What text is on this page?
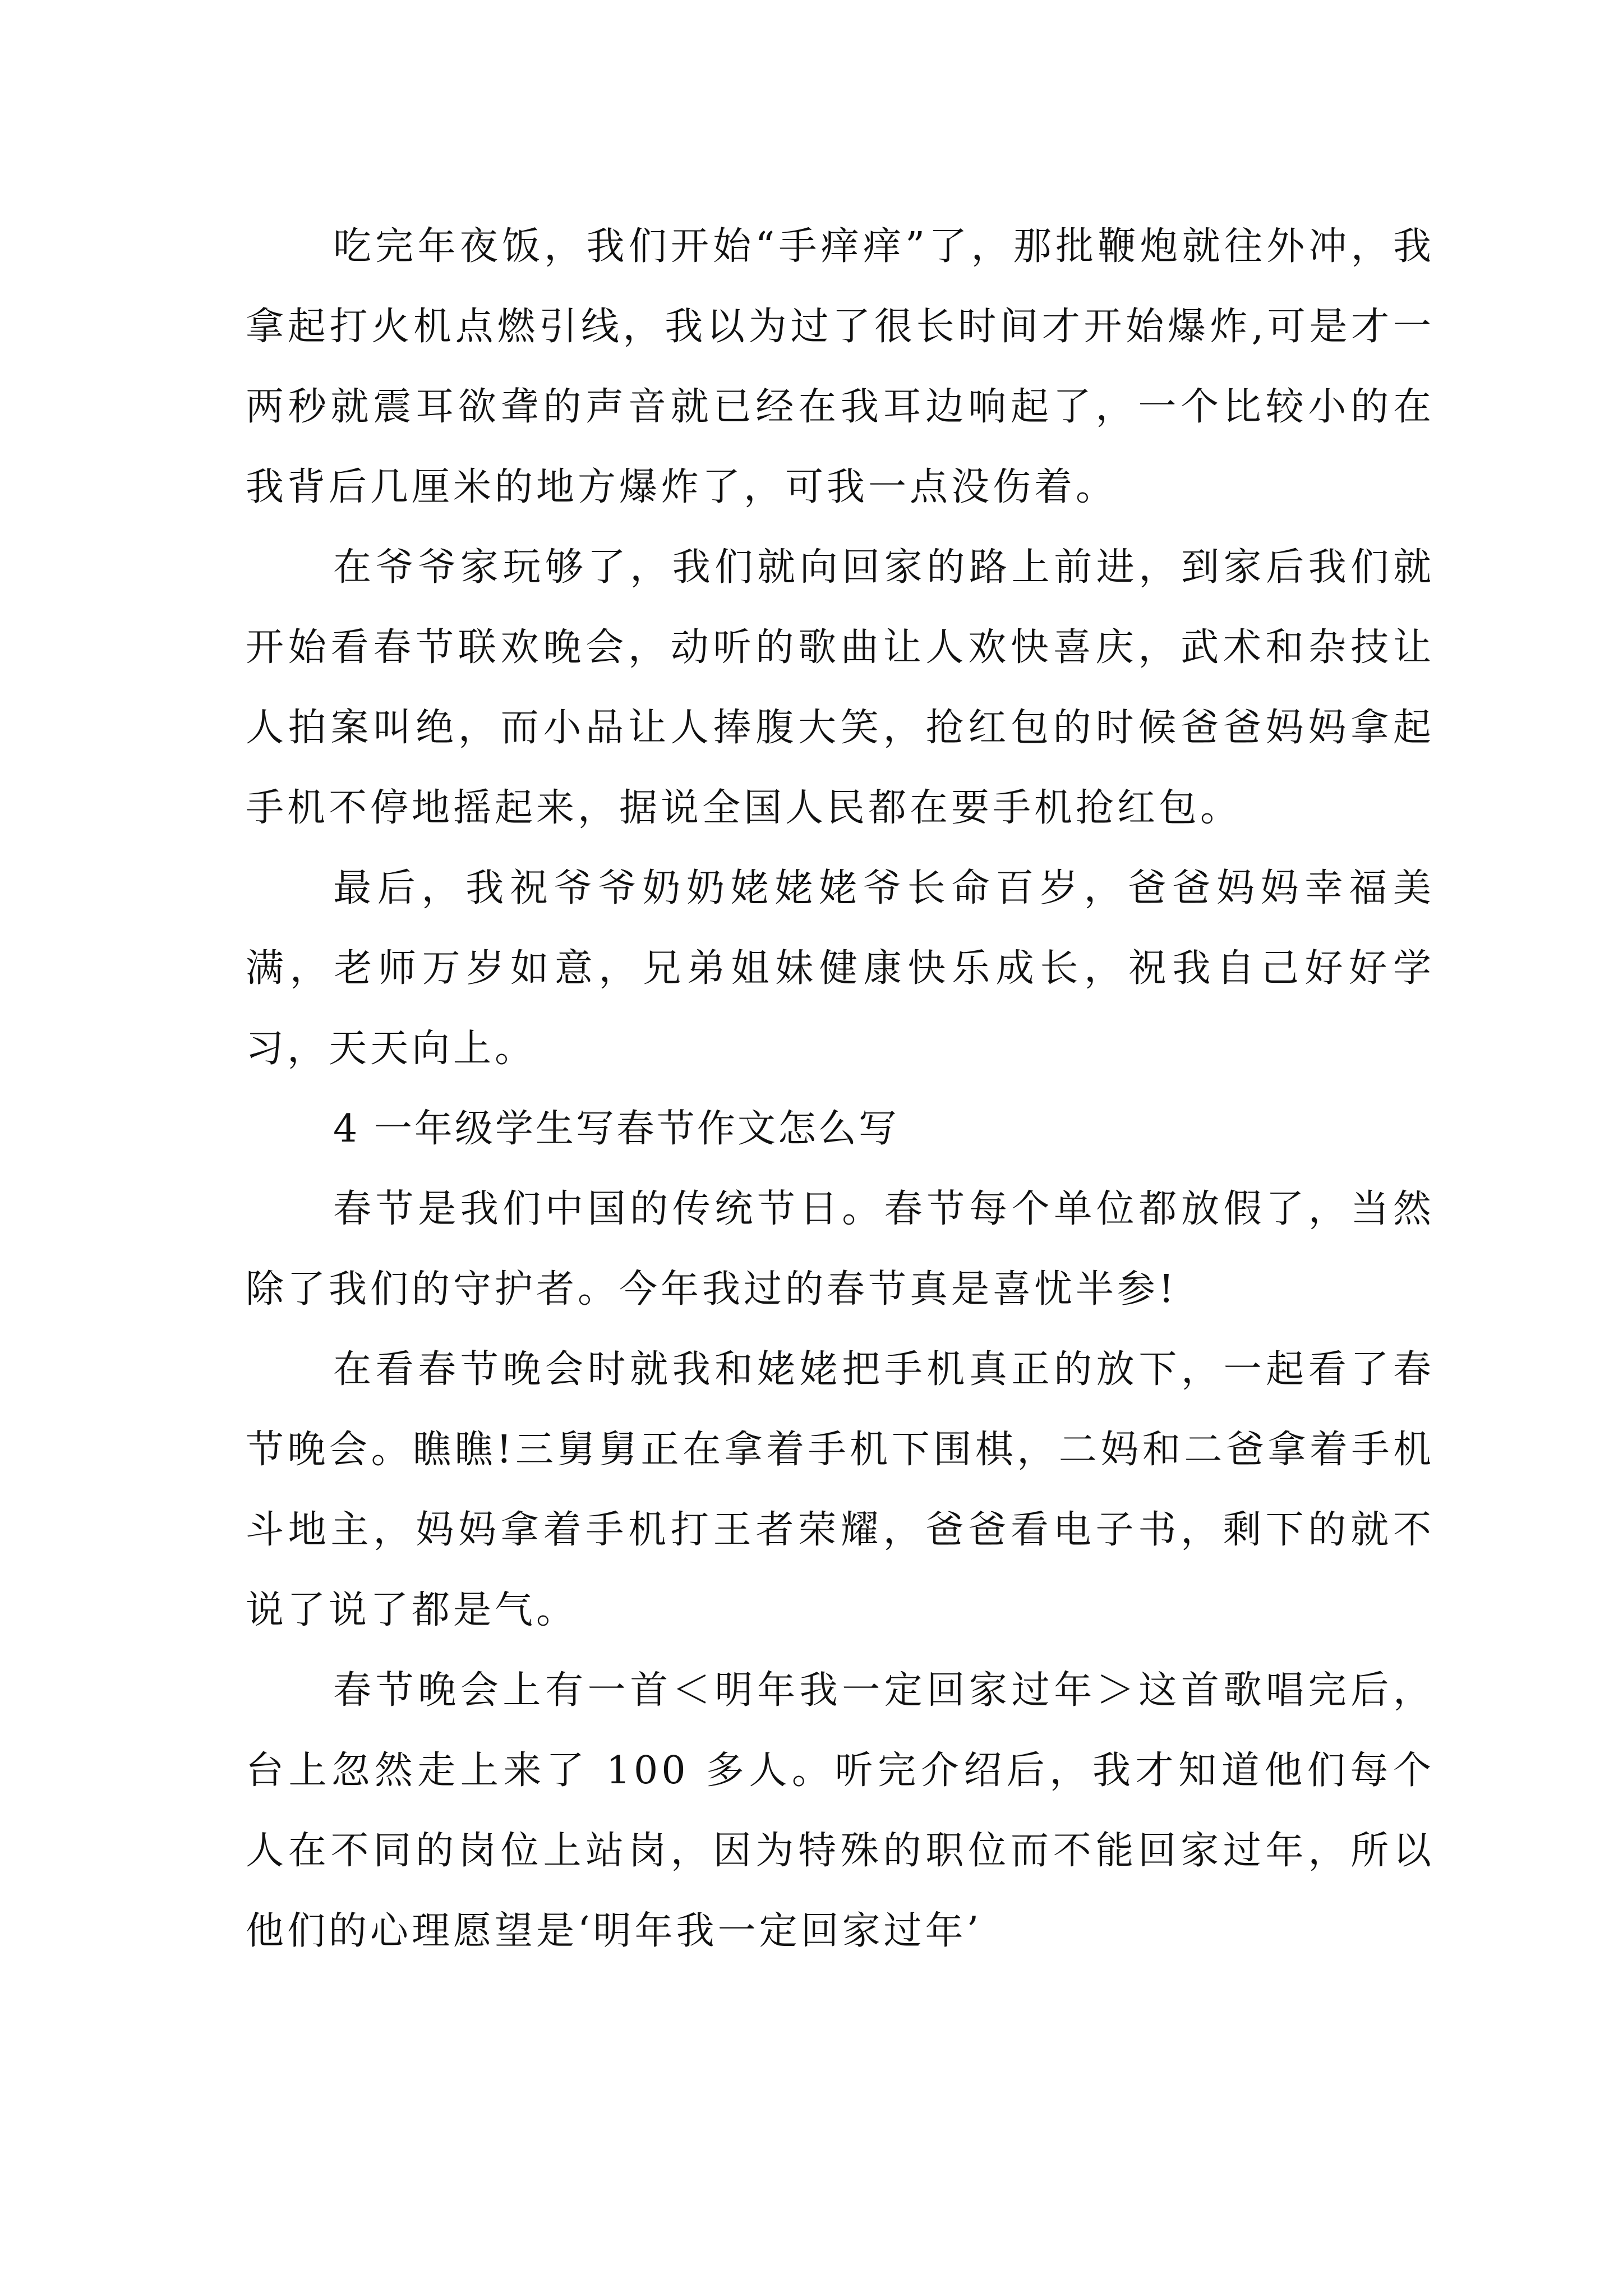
吃完年夜饭，我们开始“手痒痒”了，那批鞭炮就往外冲，我拿起打火机点燃引线，我以为过了很长时间才开始爆炸,可是才一两秒就震耳欲聋的声音就已经在我耳边响起了，一个比较小的在我背后几厘米的地方爆炸了，可我一点没伤着。

在爷爷家玩够了，我们就向回家的路上前进，到家后我们就开始看春节联欢晚会，动听的歌曲让人欢快喜庆，武术和杂技让人拍案叫绝，而小品让人捧腹大笑，抢红包的时候爸爸妈妈拿起手机不停地摇起来，据说全国人民都在要手机抢红包。

最后，我祝爷爷奶奶姥姥姥爷长命百岁，爸爸妈妈幸福美满，老师万岁如意，兄弟姐妹健康快乐成长，祝我自己好好学习，天天向上。

4 一年级学生写春节作文怎么写

春节是我们中国的传统节日。春节每个单位都放假了，当然除了我们的守护者。今年我过的春节真是喜忧半参!

在看春节晚会时就我和姥姥把手机真正的放下，一起看了春节晚会。瞧瞧!三舅舅正在拿着手机下围棋，二妈和二爸拿着手机斗地主，妈妈拿着手机打王者荣耀，爸爸看电子书，剩下的就不说了说了都是气。

春节晚会上有一首＜明年我一定回家过年＞这首歌唱完后，台上忽然走上来了 100 多人。听完介绍后，我才知道他们每个人在不同的岗位上站岗，因为特殊的职位而不能回家过年，所以他们的心理愿望是‘明年我一定回家过年’
